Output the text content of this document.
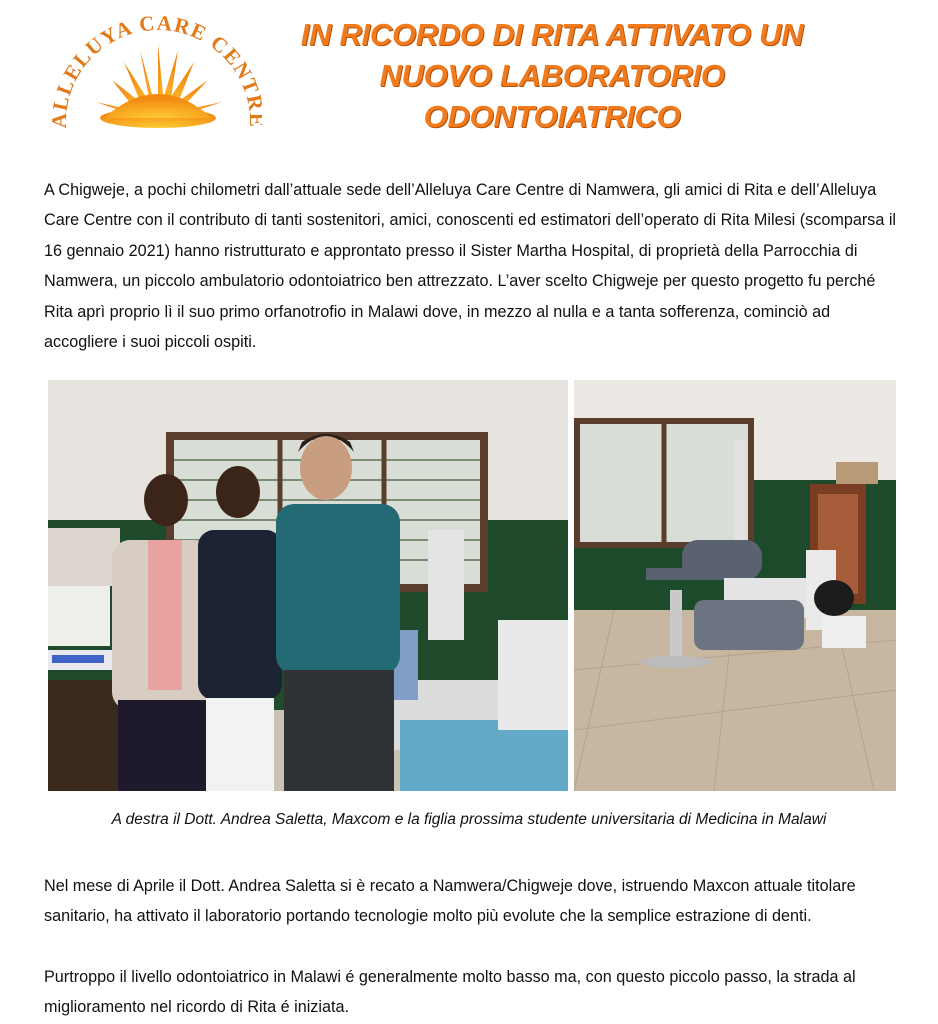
LELUYA CARE CENT
IN RICORDO DI RITA ATTIVATO UN
NUOVO LABORATORIO
ODONTOIATRICO

A Chigweje, a pochi chilometri dall’attuale sede dell’Alleluya Care Centre di Namwera, gli amici di Rita e dell’Alleluya Care Centre con il contributo di tanti sostenitori, amici, conoscenti ed estimatori dell’operato di Rita Milesi (scomparsa il 16 gennaio 2021) hanno ristrutturato e approntato presso il Sister Martha Hospital, di proprietà della Parrocchia di Namwera, un piccolo ambulatorio odontoiatrico ben attrezzato. L’aver scelto Chigweje per questo progetto fu perché Rita aprì proprio lì il suo primo orfanotrofio in Malawi dove, in mezzo al nulla e a tanta sofferenza, cominciò ad accogliere i suoi piccoli ospiti.

A destra il Dott. Andrea Saletta, Maxcom e la figlia prossima studente universitaria di Medicina in Malawi

Nel mese di Aprile il Dott. Andrea Saletta si è recato a Namwera/Chigweje dove, istruendo Maxcon attuale titolare sanitario, ha attivato il laboratorio portando tecnologie molto più evolute che la semplice estrazione di denti.

Purtroppo il livello odontoiatrico in Malawi é generalmente molto basso ma, con questo piccolo passo, la strada al miglioramento nel ricordo di Rita é iniziata.
